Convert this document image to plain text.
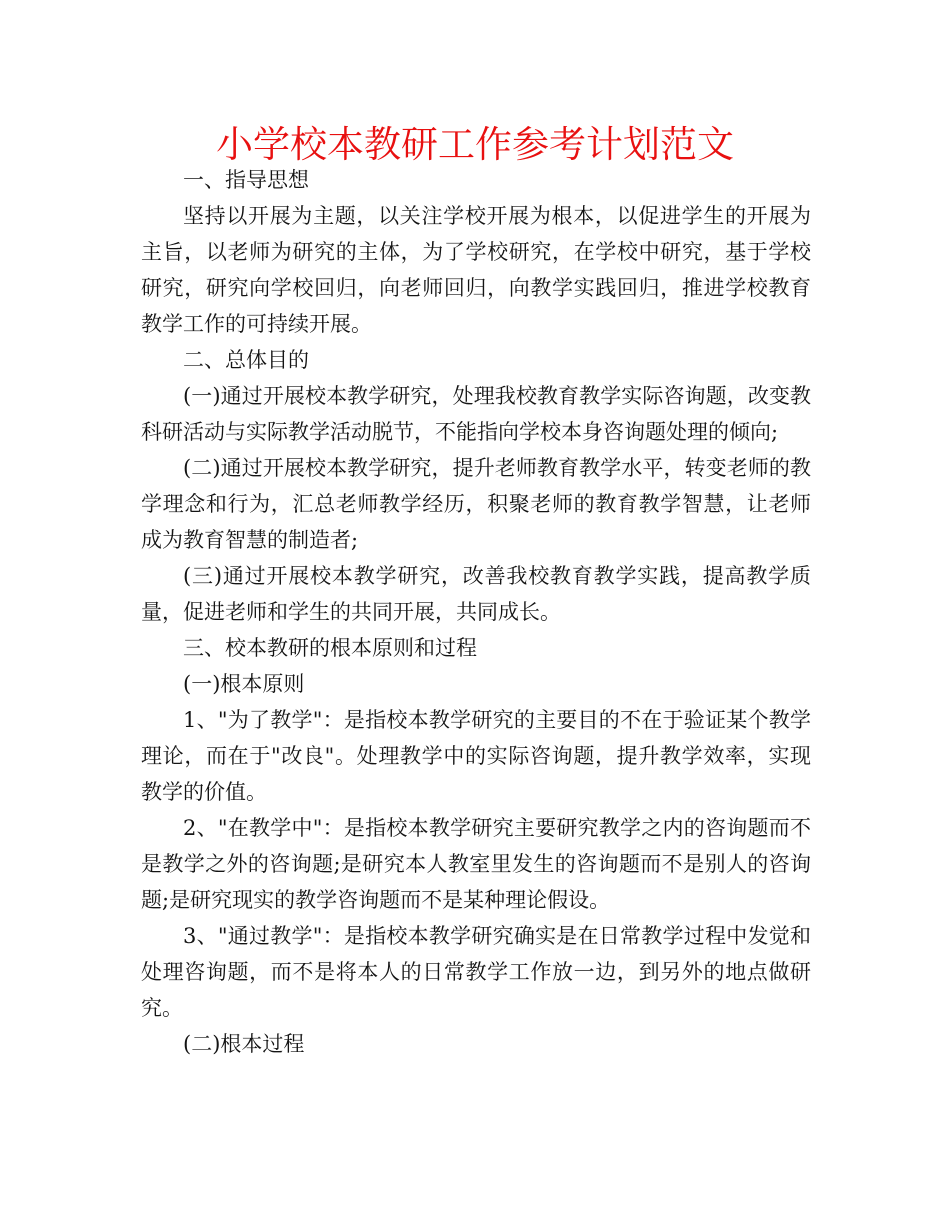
小学校本教研工作参考计划范文

一、指导思想

坚持以开展为主题，以关注学校开展为根本，以促进学生的开展为主旨，以老师为研究的主体，为了学校研究，在学校中研究，基于学校研究，研究向学校回归，向老师回归，向教学实践回归，推进学校教育教学工作的可持续开展。

二、总体目的

(一)通过开展校本教学研究，处理我校教育教学实际咨询题，改变教科研活动与实际教学活动脱节，不能指向学校本身咨询题处理的倾向;

(二)通过开展校本教学研究，提升老师教育教学水平，转变老师的教学理念和行为，汇总老师教学经历，积聚老师的教育教学智慧，让老师成为教育智慧的制造者;

(三)通过开展校本教学研究，改善我校教育教学实践，提高教学质量，促进老师和学生的共同开展，共同成长。

三、校本教研的根本原则和过程

(一)根本原则

1、"为了教学"：是指校本教学研究的主要目的不在于验证某个教学理论，而在于"改良"。处理教学中的实际咨询题，提升教学效率，实现教学的价值。

2、"在教学中"：是指校本教学研究主要研究教学之内的咨询题而不是教学之外的咨询题;是研究本人教室里发生的咨询题而不是别人的咨询题;是研究现实的教学咨询题而不是某种理论假设。

3、"通过教学"：是指校本教学研究确实是在日常教学过程中发觉和处理咨询题，而不是将本人的日常教学工作放一边，到另外的地点做研究。

(二)根本过程
